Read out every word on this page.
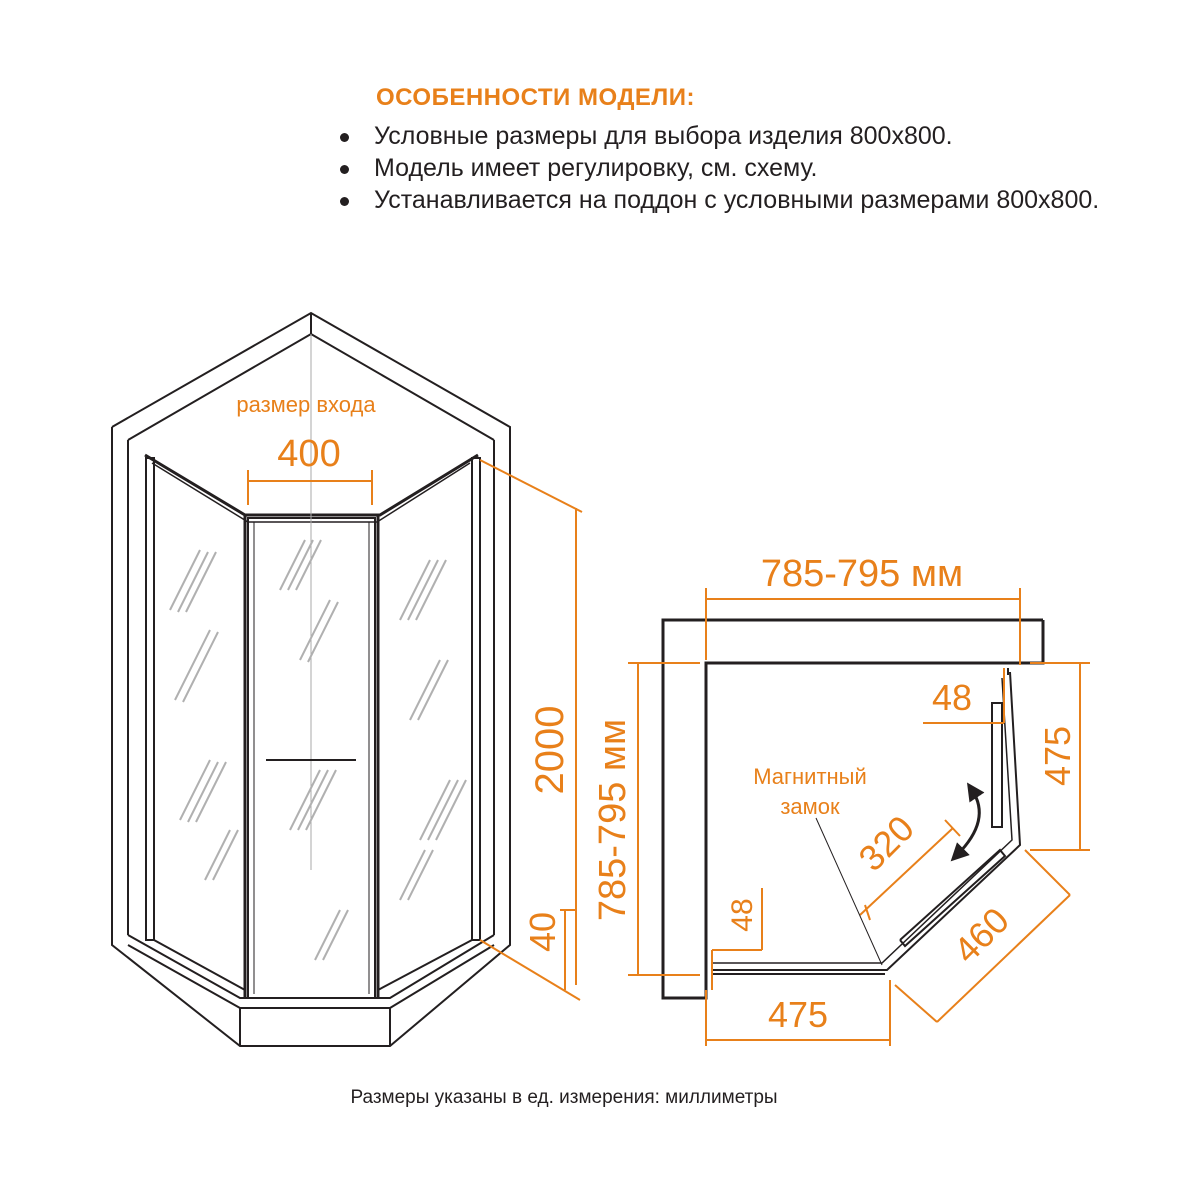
ОСОБЕННОСТИ МОДЕЛИ:
Условные размеры для выбора изделия 800х800.
Модель имеет регулировку, см. схему.
Устанавливается на поддон с условными размерами 800х800.
размер входа
400
2000
40
785-795 мм
785-795 мм
48
475
475
48
320
460
Магнитный
замок
Размеры указаны в ед. измерения: миллиметры
